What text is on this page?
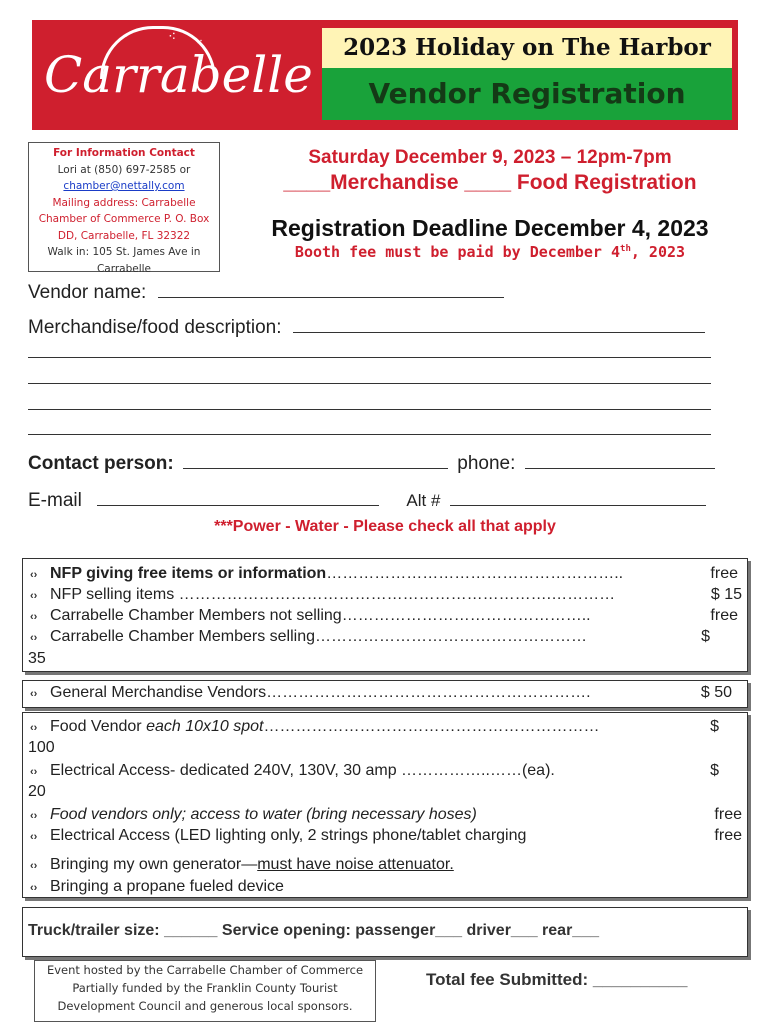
⁖ ⁖
Carrabelle	2023 Holiday on The Harbor
Vendor Registration
For Information Contact
Lori at (850) 697-2585 or
chamber@nettally.com
Mailing address: Carrabelle Chamber of Commerce P. O. Box DD, Carrabelle, FL 32322
Walk in: 105 St. James Ave in Carrabelle
Saturday December 9, 2023 – 12pm-7pm
____Merchandise ____ Food Registration
Registration Deadline December 4, 2023
Booth fee must be paid by December 4th, 2023
Vendor name:
Merchandise/food description:
Contact person:	phone:
E-mail	Alt #
***Power - Water - Please check all that apply
‹› NFP giving free items or information………………………………………………..	free
‹› NFP selling items …………………………………………………………….…………	$ 15
‹› Carrabelle Chamber Members not selling………………………………………..	free
‹› Carrabelle Chamber Members selling……………………………………………	$
35
‹› General Merchandise Vendors…………………………………………………….	$ 50
‹› Food Vendor each 10x10 spot………………………………………………………	$
100
‹› Electrical Access- dedicated 240V, 130V, 30 amp ……………..……(ea).	$
20
‹› Food vendors only; access to water (bring necessary hoses)	free
‹› Electrical Access (LED lighting only, 2 strings phone/tablet charging	free
‹› Bringing my own generator—must have noise attenuator.
‹› Bringing a propane fueled device
Truck/trailer size: ______ Service opening: passenger___ driver___ rear___
Event hosted by the Carrabelle Chamber of Commerce Partially funded by the Franklin County Tourist Development Council and generous local sponsors.
Total fee Submitted: __________
